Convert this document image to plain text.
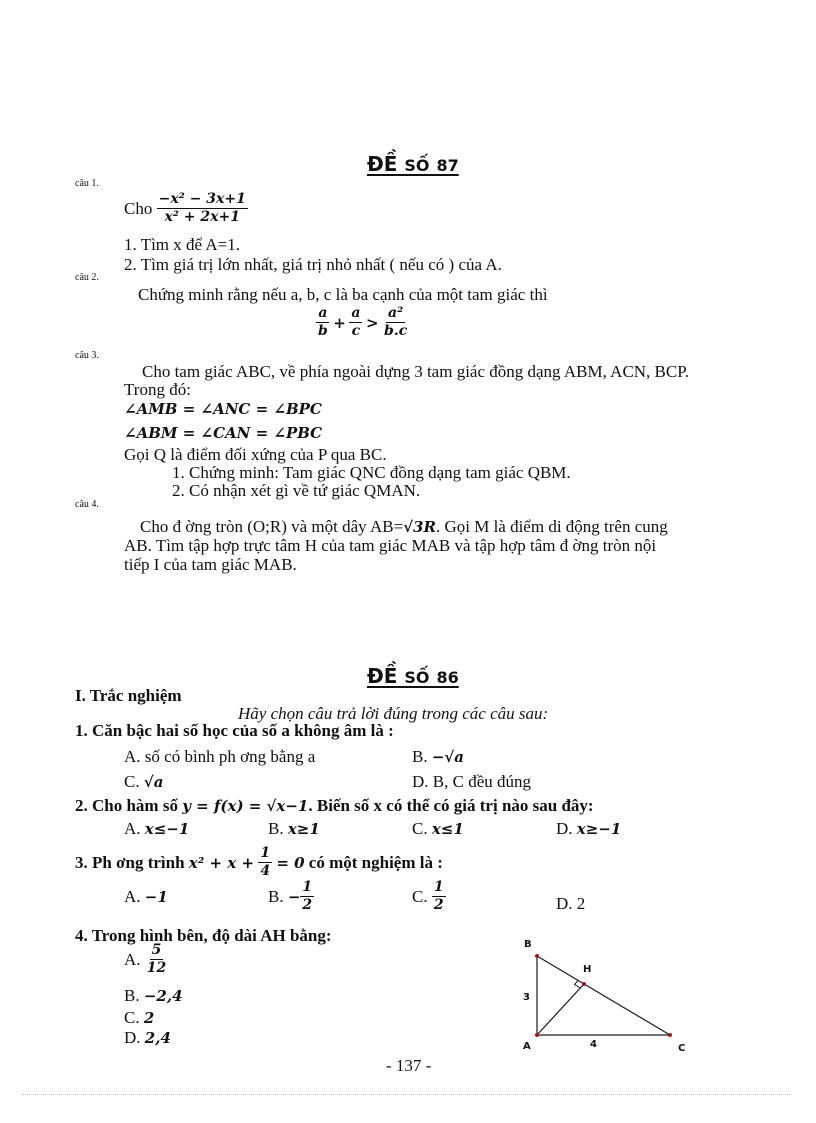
ĐỀ SỐ 87
câu 1.
Cho $\frac{\text{−x² − 3x+1}}{\text{x² + 2x+1}}$
1. Tìm x để A=1.
2. Tìm giá trị lớn nhất, giá trị nhỏ nhất ( nếu có ) của A.
câu 2.
Chứng minh rằng nếu a, b, c là ba cạnh của một tam giác thì
$\frac{a}{b} + \frac{a}{c} > \frac{\text{a²}}{b.c}$
câu 3.
Cho tam giác ABC, về phía ngoài dựng 3 tam giác đồng dạng ABM, ACN, BCP.
Trong đó:
∠AMB = ∠ANC = ∠BPC
∠ABM = ∠CAN = ∠PBC
Gọi Q là điểm đối xứng của P qua BC.
1. Chứng minh: Tam giác QNC đồng dạng tam giác QBM.
2. Có nhận xét gì về tứ giác QMAN.
câu 4.
Cho đ ờng tròn (O;R) và một dây AB=√3R. Gọi M là điểm di động trên cung
AB. Tìm tập hợp trực tâm H của tam giác MAB và tập hợp tâm đ ờng tròn nội
tiếp I của tam giác MAB.
ĐỀ SỐ 86
I. Trắc nghiệm
Hãy chọn câu trả lời đúng trong các câu sau:
1. Căn bậc hai số học của số a không âm là :
A. số có bình ph ơng bằng a	B. −√a
C. √a	D. B, C đều đúng
2. Cho hàm số y = f(x) = √x−1. Biến số x có thể có giá trị nào sau đây:
A. x≤−1	B. x≥1	C. x≤1	D. x≥−1
3. Ph ơng trình $x^2 + x + \frac{1}{4} = 0$ có một nghiệm là :
A. −1	B. − $\frac{1}{2}$	C. $\frac{1}{2}$	D. 2
4. Trong hình bên, độ dài AH bằng:
A. $\frac{5}{12}$
B. −2,4
C. 2
D. 2,4
B
H
A	C
3
4
- 137 -
